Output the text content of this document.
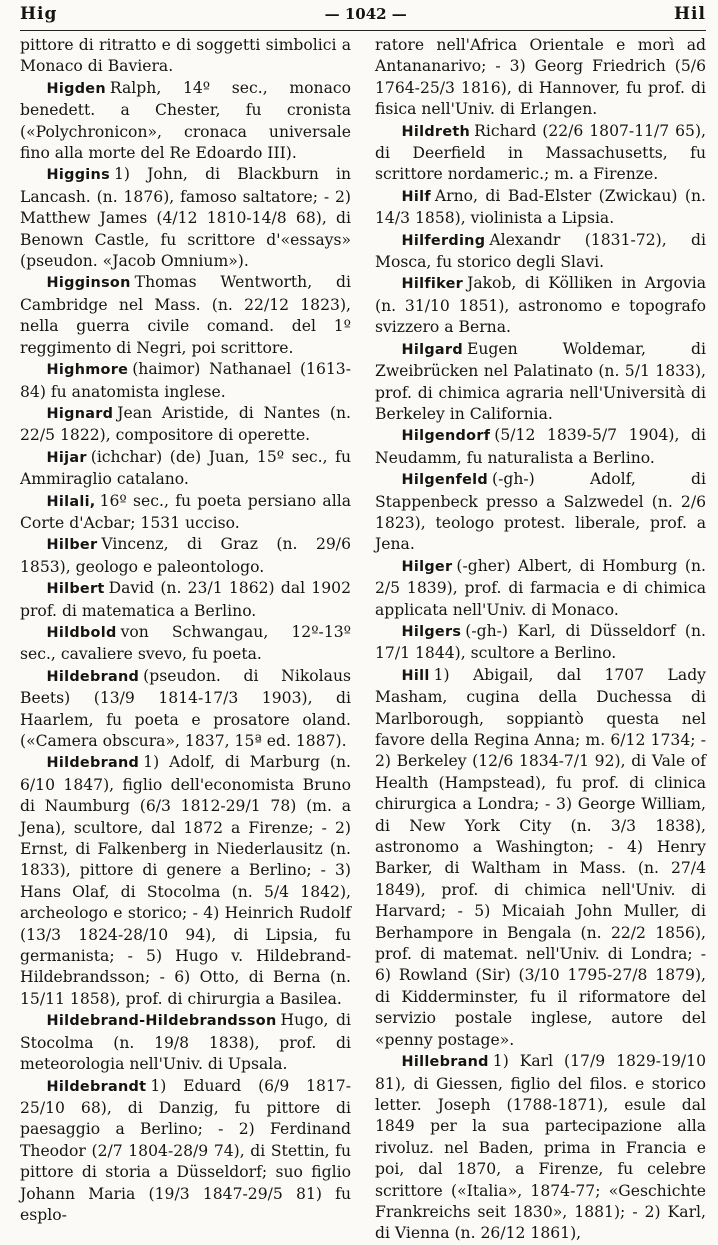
Hig	— 1042 —	Hil

pittore di ritratto e di soggetti simbolici a Monaco di Baviera.

Higden Ralph, 14º sec., monaco benedett. a Chester, fu cronista («Polychronicon», cronaca universale fino alla morte del Re Edoardo III).

Higgins 1) John, di Blackburn in Lancash. (n. 1876), famoso saltatore; - 2) Matthew James (4/12 1810-14/8 68), di Benown Castle, fu scrittore d'«essays» (pseudon. «Jacob Omnium»).

Higginson Thomas Wentworth, di Cambridge nel Mass. (n. 22/12 1823), nella guerra civile comand. del 1º reggimento di Negri, poi scrittore.

Highmore (haimor) Nathanael (1613-84) fu anatomista inglese.

Hignard Jean Aristide, di Nantes (n. 22/5 1822), compositore di operette.

Hijar (ichchar) (de) Juan, 15º sec., fu Ammiraglio catalano.

Hilali, 16º sec., fu poeta persiano alla Corte d'Acbar; 1531 ucciso.

Hilber Vincenz, di Graz (n. 29/6 1853), geologo e paleontologo.

Hilbert David (n. 23/1 1862) dal 1902 prof. di matematica a Berlino.

Hildbold von Schwangau, 12º-13º sec., cavaliere svevo, fu poeta.

Hildebrand (pseudon. di Nikolaus Beets) (13/9 1814-17/3 1903), di Haarlem, fu poeta e prosatore oland. («Camera obscura», 1837, 15ª ed. 1887).

Hildebrand 1) Adolf, di Marburg (n. 6/10 1847), figlio dell'economista Bruno di Naumburg (6/3 1812-29/1 78) (m. a Jena), scultore, dal 1872 a Firenze; - 2) Ernst, di Falkenberg in Niederlausitz (n. 1833), pittore di genere a Berlino; - 3) Hans Olaf, di Stocolma (n. 5/4 1842), archeologo e storico; - 4) Heinrich Rudolf (13/3 1824-28/10 94), di Lipsia, fu germanista; - 5) Hugo v. Hildebrand-Hildebrandsson; - 6) Otto, di Berna (n. 15/11 1858), prof. di chirurgia a Basilea.

Hildebrand-Hildebrandsson Hugo, di Stocolma (n. 19/8 1838), prof. di meteorologia nell'Univ. di Upsala.

Hildebrandt 1) Eduard (6/9 1817-25/10 68), di Danzig, fu pittore di paesaggio a Berlino; - 2) Ferdinand Theodor (2/7 1804-28/9 74), di Stettin, fu pittore di storia a Düsseldorf; suo figlio Johann Maria (19/3 1847-29/5 81) fu esplo-

ratore nell'Africa Orientale e morì ad Antananarivo; - 3) Georg Friedrich (5/6 1764-25/3 1816), di Hannover, fu prof. di fisica nell'Univ. di Erlangen.

Hildreth Richard (22/6 1807-11/7 65), di Deerfield in Massachusetts, fu scrittore nordameric.; m. a Firenze.

Hilf Arno, di Bad-Elster (Zwickau) (n. 14/3 1858), violinista a Lipsia.

Hilferding Alexandr (1831-72), di Mosca, fu storico degli Slavi.

Hilfiker Jakob, di Kölliken in Argovia (n. 31/10 1851), astronomo e topografo svizzero a Berna.

Hilgard Eugen Woldemar, di Zweibrücken nel Palatinato (n. 5/1 1833), prof. di chimica agraria nell'Università di Berkeley in California.

Hilgendorf (5/12 1839-5/7 1904), di Neudamm, fu naturalista a Berlino.

Hilgenfeld (-gh-) Adolf, di Stappenbeck presso a Salzwedel (n. 2/6 1823), teologo protest. liberale, prof. a Jena.

Hilger (-gher) Albert, di Homburg (n. 2/5 1839), prof. di farmacia e di chimica applicata nell'Univ. di Monaco.

Hilgers (-gh-) Karl, di Düsseldorf (n. 17/1 1844), scultore a Berlino.

Hill 1) Abigail, dal 1707 Lady Masham, cugina della Duchessa di Marlborough, soppiantò questa nel favore della Regina Anna; m. 6/12 1734; - 2) Berkeley (12/6 1834-7/1 92), di Vale of Health (Hampstead), fu prof. di clinica chirurgica a Londra; - 3) George William, di New York City (n. 3/3 1838), astronomo a Washington; - 4) Henry Barker, di Waltham in Mass. (n. 27/4 1849), prof. di chimica nell'Univ. di Harvard; - 5) Micaiah John Muller, di Berhampore in Bengala (n. 22/2 1856), prof. di matemat. nell'Univ. di Londra; - 6) Rowland (Sir) (3/10 1795-27/8 1879), di Kidderminster, fu il riformatore del servizio postale inglese, autore del «penny postage».

Hillebrand 1) Karl (17/9 1829-19/10 81), di Giessen, figlio del filos. e storico letter. Joseph (1788-1871), esule dal 1849 per la sua partecipazione alla rivoluz. nel Baden, prima in Francia e poi, dal 1870, a Firenze, fu celebre scrittore («Italia», 1874-77; «Geschichte Frankreichs seit 1830», 1881); - 2) Karl, di Vienna (n. 26/12 1861),
